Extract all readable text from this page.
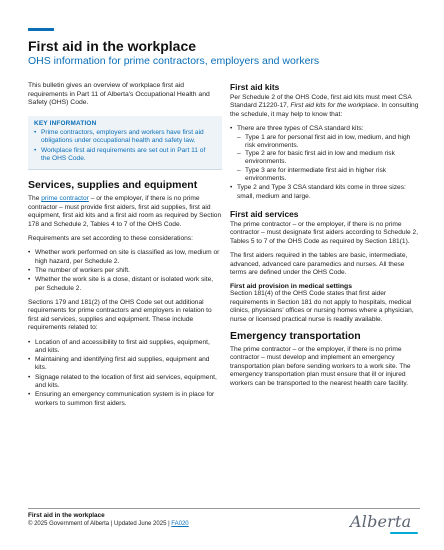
First aid in the workplace
OHS information for prime contractors, employers and workers

This bulletin gives an overview of workplace first aid requirements in Part 11 of Alberta's Occupational Health and Safety (OHS) Code.

KEY INFORMATION
• Prime contractors, employers and workers have first aid obligations under occupational health and safety law.
• Workplace first aid requirements are set out in Part 11 of the OHS Code.
Services, supplies and equipment

The prime contractor – or the employer, if there is no prime contractor – must provide first aiders, first aid supplies, first aid equipment, first aid kits and a first aid room as required by Section 178 and Schedule 2, Tables 4 to 7 of the OHS Code.

Requirements are set according to these considerations:

• Whether work performed on site is classified as low, medium or high hazard, per Schedule 2.
• The number of workers per shift.
• Whether the work site is a close, distant or isolated work site, per Schedule 2.

Sections 179 and 181(2) of the OHS Code set out additional requirements for prime contractors and employers in relation to first aid services, supplies and equipment. These include requirements related to:

• Location of and accessibility to first aid supplies, equipment, and kits.
• Maintaining and identifying first aid supplies, equipment and kits.
• Signage related to the location of first aid services, equipment, and kits.
• Ensuring an emergency communication system is in place for workers to summon first aiders.
First aid kits

Per Schedule 2 of the OHS Code, first aid kits must meet CSA Standard Z1220-17, First aid kits for the workplace. In consulting the schedule, it may help to know that:

• There are three types of CSA standard kits:
– Type 1 are for personal first aid in low, medium, and high risk environments.
– Type 2 are for basic first aid in low and medium risk environments.
– Type 3 are for intermediate first aid in higher risk environments.
• Type 2 and Type 3 CSA standard kits come in three sizes: small, medium and large.
First aid services

The prime contractor – or the employer, if there is no prime contractor – must designate first aiders according to Schedule 2, Tables 5 to 7 of the OHS Code as required by Section 181(1).

The first aiders required in the tables are basic, intermediate, advanced, advanced care paramedics and nurses. All these terms are defined under the OHS Code.

First aid provision in medical settings

Section 181(4) of the OHS Code states that first aider requirements in Section 181 do not apply to hospitals, medical clinics, physicians' offices or nursing homes where a physician, nurse or licensed practical nurse is readily available.

Emergency transportation

The prime contractor – or the employer, if there is no prime contractor – must develop and implement an emergency transportation plan before sending workers to a work site. The emergency transportation plan must ensure that ill or injured workers can be transported to the nearest health care facility.

First aid in the workplace
© 2025 Government of Alberta | Updated June 2025 | FA020	Alberta
